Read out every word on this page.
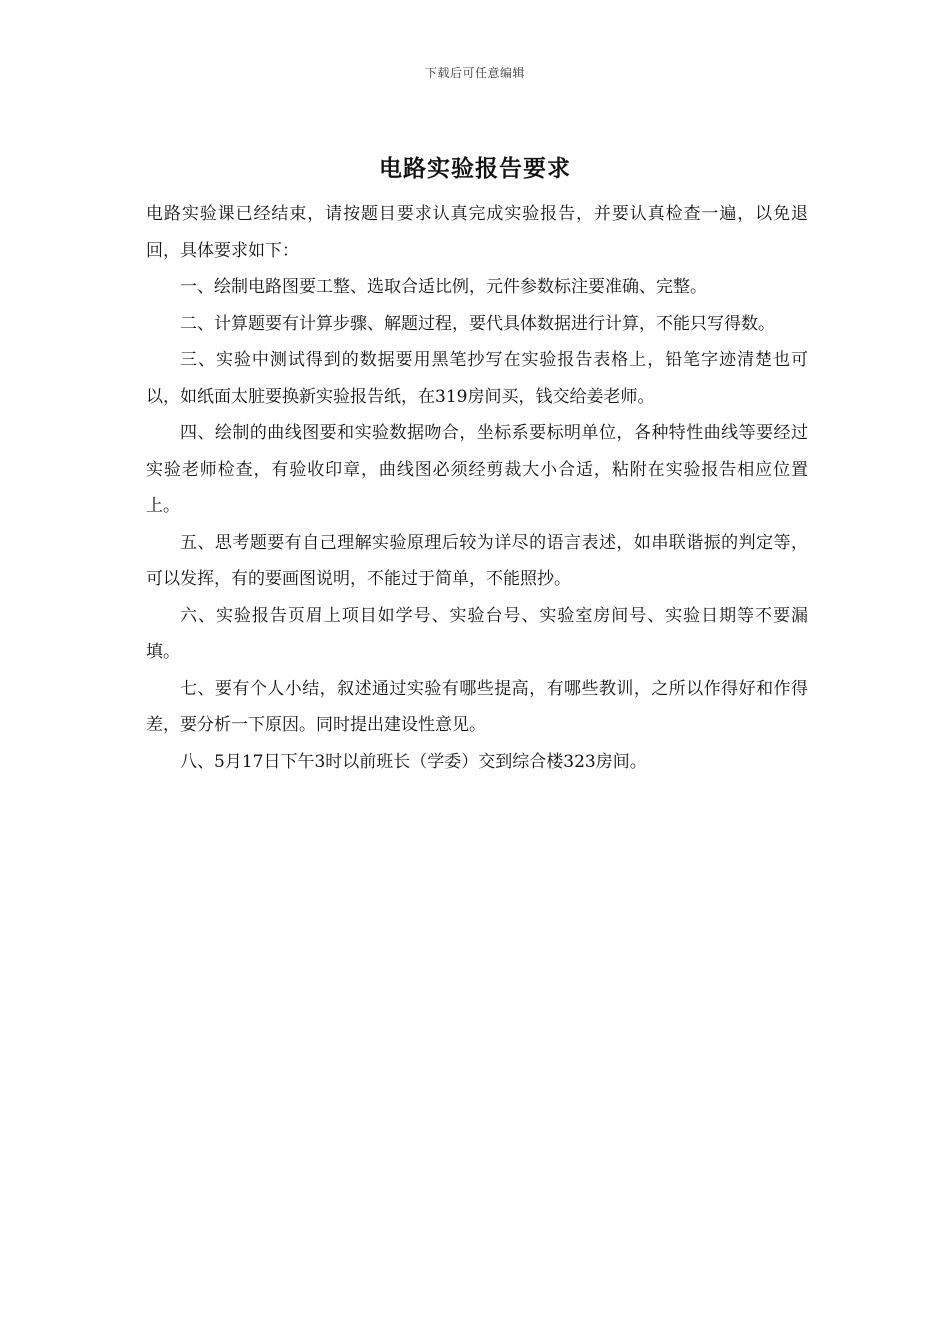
下载后可任意编辑
电路实验报告要求

电路实验课已经结束，请按题目要求认真完成实验报告，并要认真检查一遍，以免退回，具体要求如下：

一、绘制电路图要工整、选取合适比例，元件参数标注要准确、完整。

二、计算题要有计算步骤、解题过程，要代具体数据进行计算，不能只写得数。

三、实验中测试得到的数据要用黑笔抄写在实验报告表格上，铅笔字迹清楚也可以，如纸面太脏要换新实验报告纸，在319房间买，钱交给姜老师。

四、绘制的曲线图要和实验数据吻合，坐标系要标明单位，各种特性曲线等要经过实验老师检查，有验收印章，曲线图必须经剪裁大小合适，粘附在实验报告相应位置上。

五、思考题要有自己理解实验原理后较为详尽的语言表述，如串联谐振的判定等，可以发挥，有的要画图说明，不能过于简单，不能照抄。

六、实验报告页眉上项目如学号、实验台号、实验室房间号、实验日期等不要漏填。

七、要有个人小结，叙述通过实验有哪些提高，有哪些教训，之所以作得好和作得差，要分析一下原因。同时提出建设性意见。

八、5月17日下午3时以前班长（学委）交到综合楼323房间。
